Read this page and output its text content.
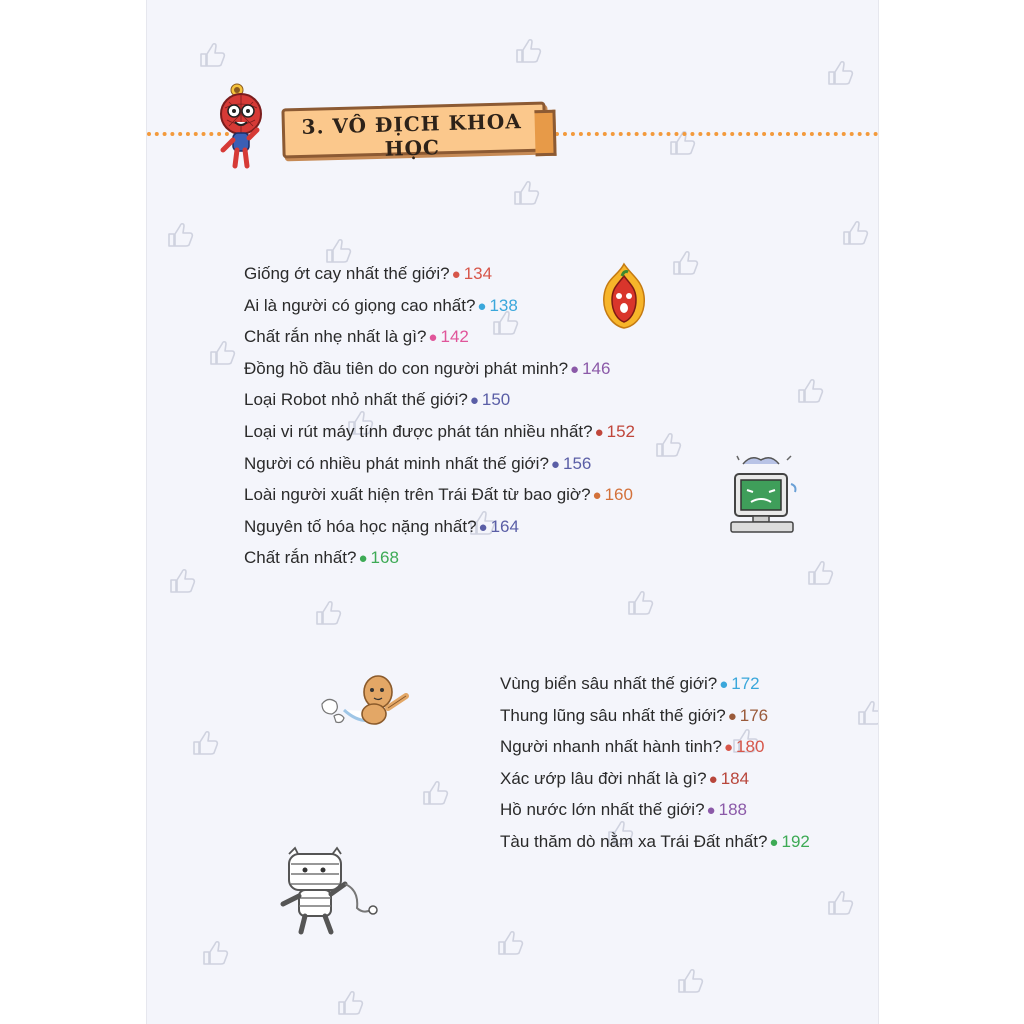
3. VÔ ĐỊCH KHOA HỌC
Giống ớt cay nhất thế giới? ● 134
Ai là người có giọng cao nhất? ● 138
Chất rắn nhẹ nhất là gì? ● 142
Đồng hồ đầu tiên do con người phát minh? ● 146
Loại Robot nhỏ nhất thế giới? ● 150
Loại vi rút máy tính được phát tán nhiều nhất? ● 152
Người có nhiều phát minh nhất thế giới? ● 156
Loài người xuất hiện trên Trái Đất từ bao giờ? ● 160
Nguyên tố hóa học nặng nhất? ● 164
Chất rắn nhất? ● 168
Vùng biển sâu nhất thế giới? ● 172
Thung lũng sâu nhất thế giới? ● 176
Người nhanh nhất hành tinh? ● 180
Xác ướp lâu đời nhất là gì? ● 184
Hồ nước lớn nhất thế giới? ● 188
Tàu thăm dò nằm xa Trái Đất nhất? ● 192
